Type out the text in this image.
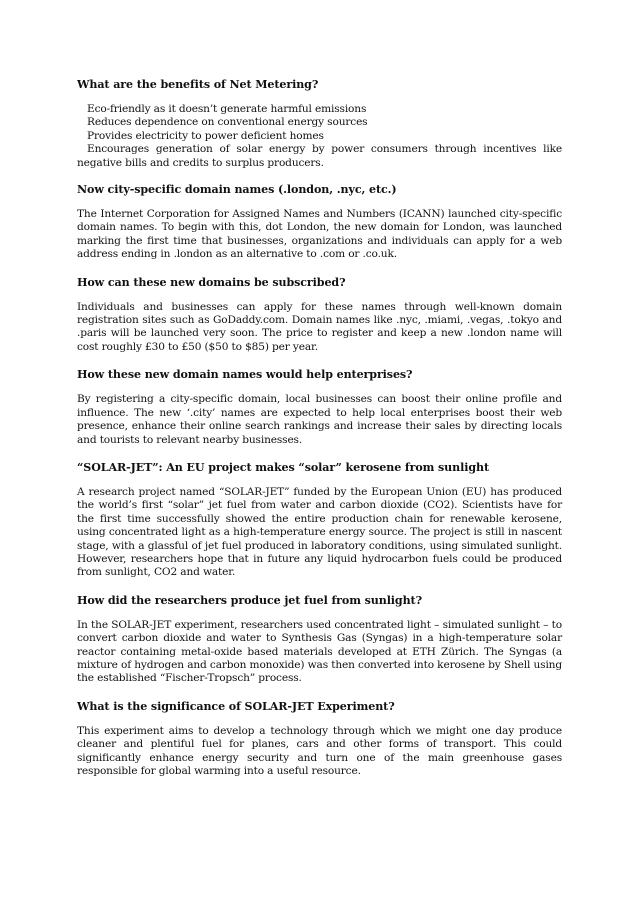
What are the benefits of Net Metering?
Eco-friendly as it doesn’t generate harmful emissions
Reduces dependence on conventional energy sources
Provides electricity to power deficient homes
Encourages generation of solar energy by power consumers through incentives like negative bills and credits to surplus producers.
Now city-specific domain names (.london, .nyc, etc.)

The Internet Corporation for Assigned Names and Numbers (ICANN) launched city-specific domain names. To begin with this, dot London, the new domain for London, was launched marking the first time that businesses, organizations and individuals can apply for a web address ending in .london as an alternative to .com or .co.uk.

How can these new domains be subscribed?

Individuals and businesses can apply for these names through well-known domain registration sites such as GoDaddy.com. Domain names like .nyc, .miami, .vegas, .tokyo and .paris will be launched very soon. The price to register and keep a new .london name will cost roughly £30 to £50 ($50 to $85) per year.

How these new domain names would help enterprises?

By registering a city-specific domain, local businesses can boost their online profile and influence. The new ‘.city’ names are expected to help local enterprises boost their web presence, enhance their online search rankings and increase their sales by directing locals and tourists to relevant nearby businesses.

“SOLAR-JET”: An EU project makes “solar” kerosene from sunlight

A research project named “SOLAR-JET” funded by the European Union (EU) has produced the world’s first “solar” jet fuel from water and carbon dioxide (CO2). Scientists have for the first time successfully showed the entire production chain for renewable kerosene, using concentrated light as a high-temperature energy source. The project is still in nascent stage, with a glassful of jet fuel produced in laboratory conditions, using simulated sunlight. However, researchers hope that in future any liquid hydrocarbon fuels could be produced from sunlight, CO2 and water.

How did the researchers produce jet fuel from sunlight?

In the SOLAR-JET experiment, researchers used concentrated light – simulated sunlight – to convert carbon dioxide and water to Synthesis Gas (Syngas) in a high-temperature solar reactor containing metal-oxide based materials developed at ETH Zürich. The Syngas (a mixture of hydrogen and carbon monoxide) was then converted into kerosene by Shell using the established “Fischer-Tropsch” process.

What is the significance of SOLAR-JET Experiment?

This experiment aims to develop a technology through which we might one day produce cleaner and plentiful fuel for planes, cars and other forms of transport. This could significantly enhance energy security and turn one of the main greenhouse gases responsible for global warming into a useful resource.
